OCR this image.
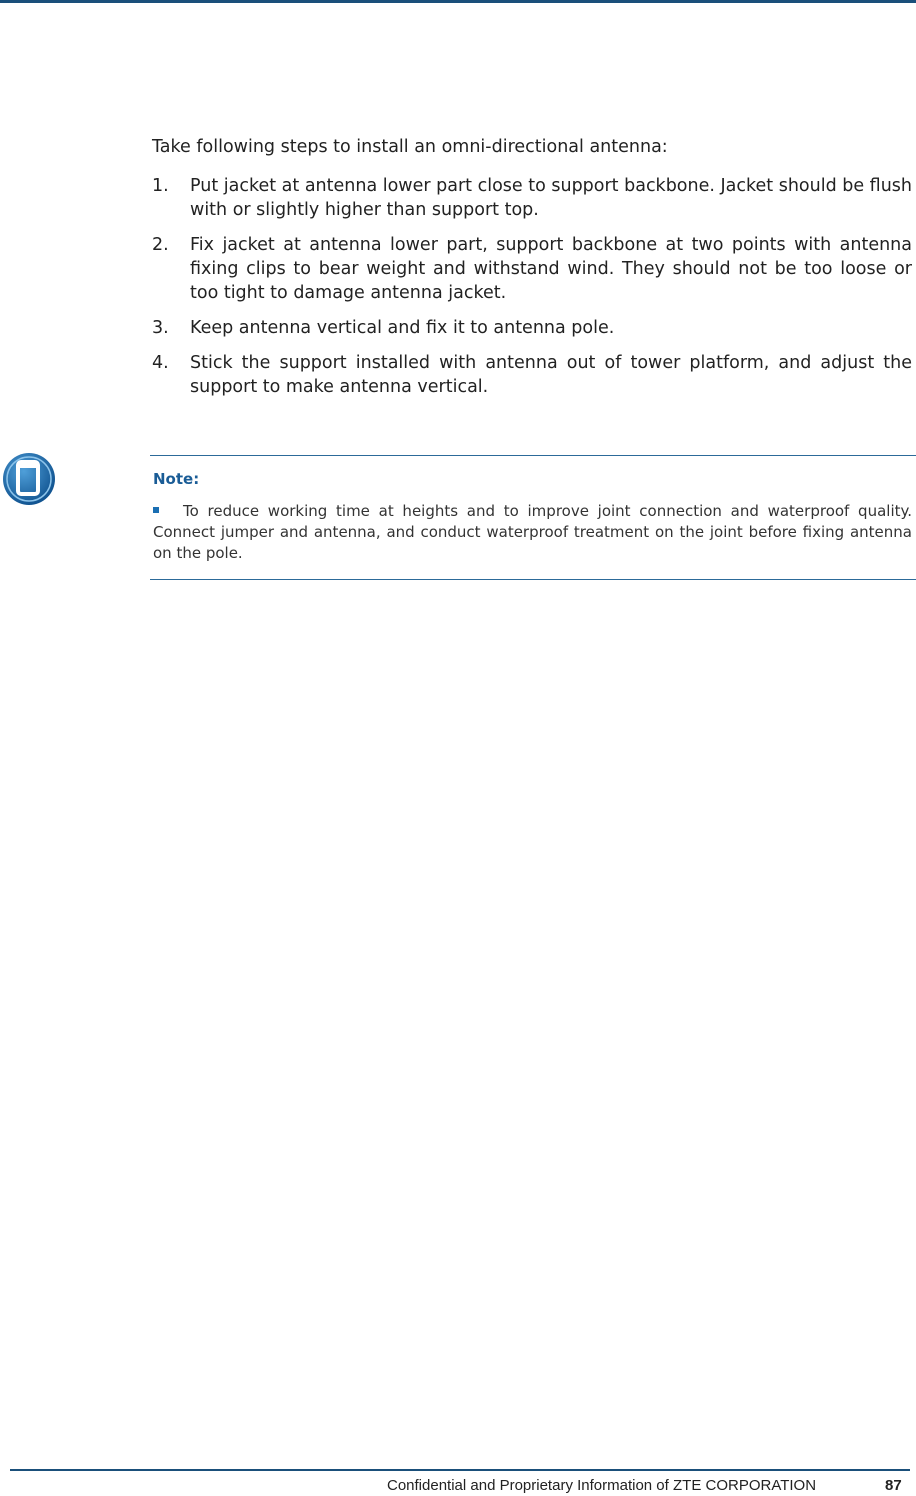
Take following steps to install an omni-directional antenna:

1. Put jacket at antenna lower part close to support backbone. Jacket should be flush with or slightly higher than support top.
2. Fix jacket at antenna lower part, support backbone at two points with antenna fixing clips to bear weight and withstand wind. They should not be too loose or too tight to damage antenna jacket.
3. Keep antenna vertical and fix it to antenna pole.
4. Stick the support installed with antenna out of tower platform, and adjust the support to make antenna vertical.

Note:

To reduce working time at heights and to improve joint connection and waterproof quality. Connect jumper and antenna, and conduct waterproof treatment on the joint before fixing antenna on the pole.

Confidential and Proprietary Information of ZTE CORPORATION	87
